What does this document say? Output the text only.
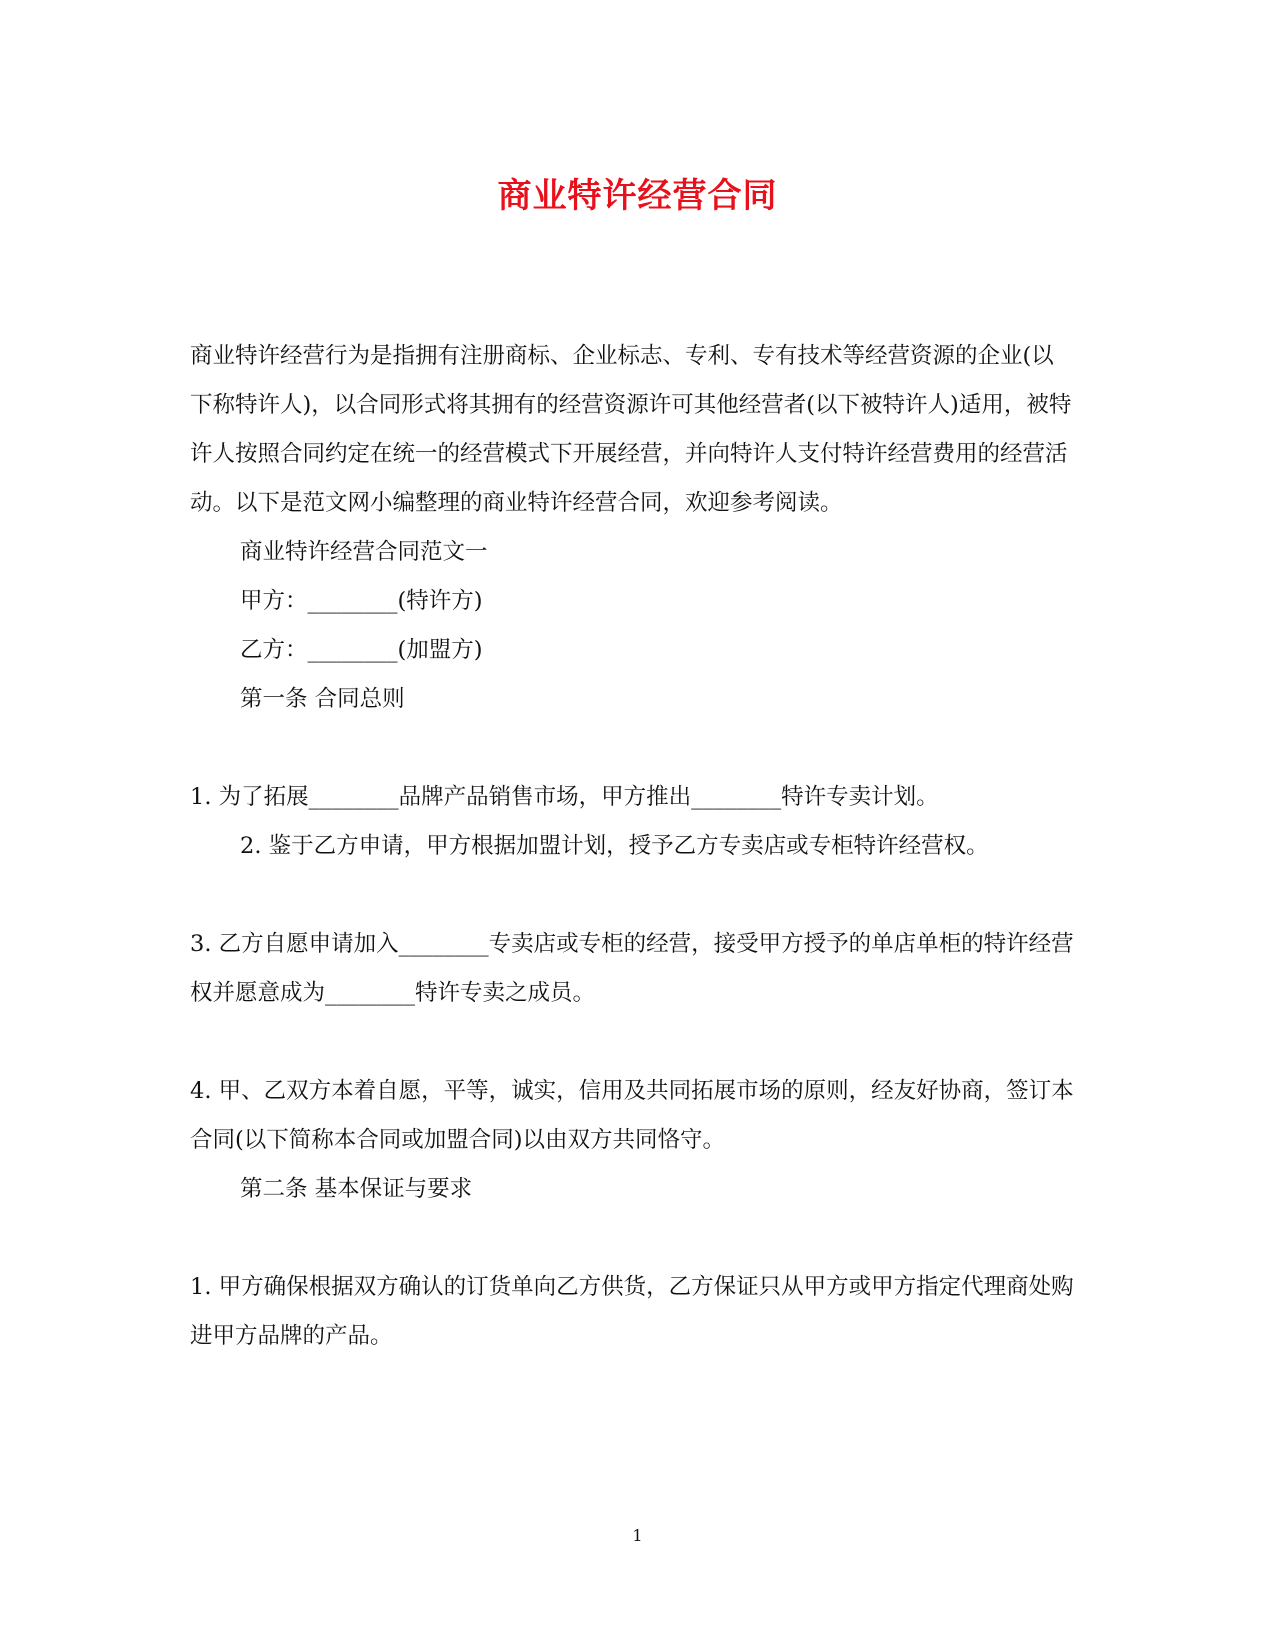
商业特许经营合同

商业特许经营行为是指拥有注册商标、企业标志、专利、专有技术等经营资源的企业(以下称特许人)，以合同形式将其拥有的经营资源许可其他经营者(以下被特许人)适用，被特许人按照合同约定在统一的经营模式下开展经营，并向特许人支付特许经营费用的经营活动。以下是范文网小编整理的商业特许经营合同，欢迎参考阅读。

商业特许经营合同范文一

甲方：________(特许方)

乙方：________(加盟方)

第一条 合同总则

1. 为了拓展________品牌产品销售市场，甲方推出________特许专卖计划。

2. 鉴于乙方申请，甲方根据加盟计划，授予乙方专卖店或专柜特许经营权。

3. 乙方自愿申请加入________专卖店或专柜的经营，接受甲方授予的单店单柜的特许经营权并愿意成为________特许专卖之成员。

4. 甲、乙双方本着自愿，平等，诚实，信用及共同拓展市场的原则，经友好协商，签订本合同(以下简称本合同或加盟合同)以由双方共同恪守。

第二条 基本保证与要求

1. 甲方确保根据双方确认的订货单向乙方供货，乙方保证只从甲方或甲方指定代理商处购进甲方品牌的产品。

1
